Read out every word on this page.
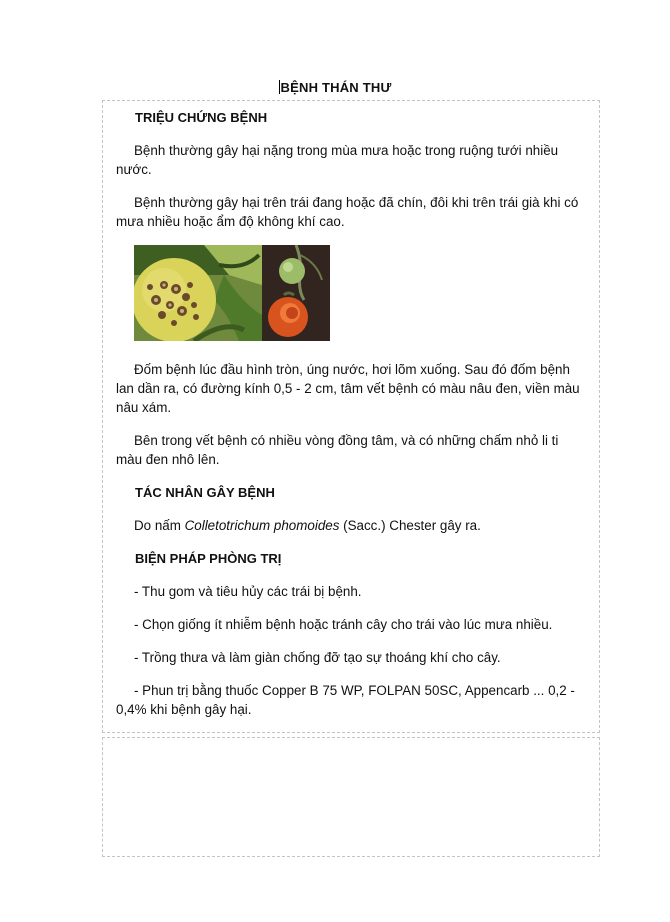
BỆNH THÁN THƯ
TRIỆU CHỨNG BỆNH

Bệnh thường gây hại nặng trong mùa mưa hoặc trong ruộng tưới nhiều nước.

Bệnh thường gây hại trên trái đang hoặc đã chín, đôi khi trên trái già khi có mưa nhiều hoặc ẩm độ không khí cao.

Đốm bệnh lúc đầu hình tròn, úng nước, hơi lõm xuống. Sau đó đốm bệnh lan dần ra, có đường kính 0,5 - 2 cm, tâm vết bệnh có màu nâu đen, viền màu nâu xám.

Bên trong vết bệnh có nhiều vòng đồng tâm, và có những chấm nhỏ li ti màu đen nhô lên.

TÁC NHÂN GÂY BỆNH

Do nấm Colletotrichum phomoides (Sacc.) Chester gây ra.

BIỆN PHÁP PHÒNG TRỊ

- Thu gom và tiêu hủy các trái bị bệnh.

- Chọn giống ít nhiễm bệnh hoặc tránh cây cho trái vào lúc mưa nhiều.

- Trồng thưa và làm giàn chống đỡ tạo sự thoáng khí cho cây.

- Phun trị bằng thuốc Copper B 75 WP, FOLPAN 50SC, Appencarb ... 0,2 - 0,4% khi bệnh gây hại.
